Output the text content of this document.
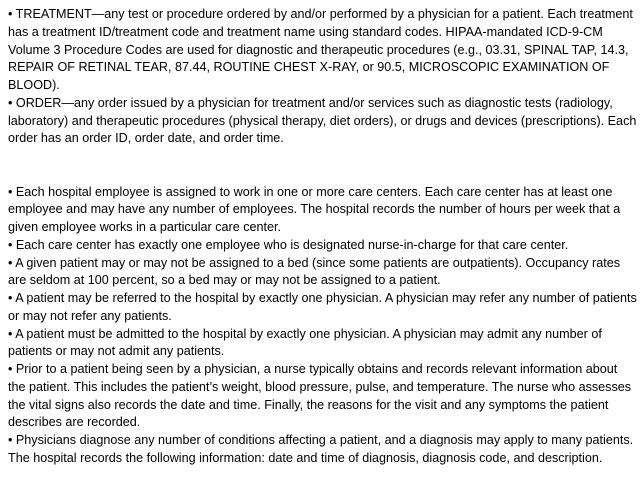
• TREATMENT—any test or procedure ordered by and/or performed by a physician for a patient. Each treatment has a treatment ID/treatment code and treatment name using standard codes. HIPAA-mandated ICD-9-CM Volume 3 Procedure Codes are used for diagnostic and therapeutic procedures (e.g., 03.31, SPINAL TAP, 14.3, REPAIR OF RETINAL TEAR, 87.44, ROUTINE CHEST X-RAY, or 90.5, MICROSCOPIC EXAMINATION OF BLOOD).

• ORDER—any order issued by a physician for treatment and/or services such as diagnostic tests (radiology, laboratory) and therapeutic procedures (physical therapy, diet orders), or drugs and devices (prescriptions). Each order has an order ID, order date, and order time.

• Each hospital employee is assigned to work in one or more care centers. Each care center has at least one employee and may have any number of employees. The hospital records the number of hours per week that a given employee works in a particular care center.

• Each care center has exactly one employee who is designated nurse-in-charge for that care center.

• A given patient may or may not be assigned to a bed (since some patients are outpatients). Occupancy rates are seldom at 100 percent, so a bed may or may not be assigned to a patient.

• A patient may be referred to the hospital by exactly one physician. A physician may refer any number of patients or may not refer any patients.

• A patient must be admitted to the hospital by exactly one physician. A physician may admit any number of patients or may not admit any patients.

• Prior to a patient being seen by a physician, a nurse typically obtains and records relevant information about the patient. This includes the patient’s weight, blood pressure, pulse, and temperature. The nurse who assesses the vital signs also records the date and time. Finally, the reasons for the visit and any symptoms the patient describes are recorded.

• Physicians diagnose any number of conditions affecting a patient, and a diagnosis may apply to many patients. The hospital records the following information: date and time of diagnosis, diagnosis code, and description.
